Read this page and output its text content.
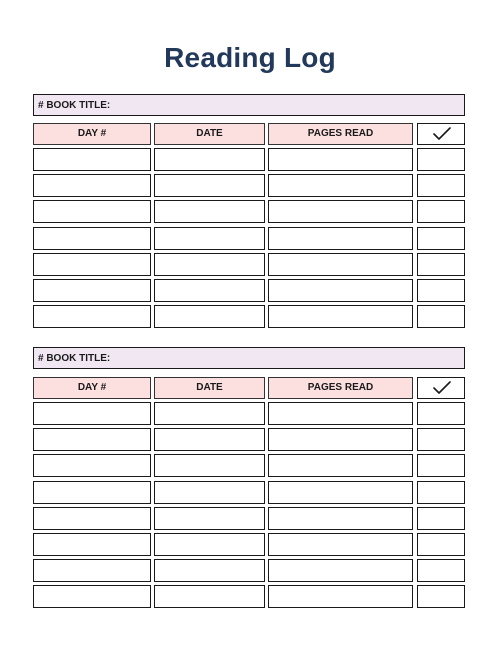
Reading Log
# BOOK TITLE:
DAY #	DATE	PAGES READ
# BOOK TITLE:
DAY #	DATE	PAGES READ
